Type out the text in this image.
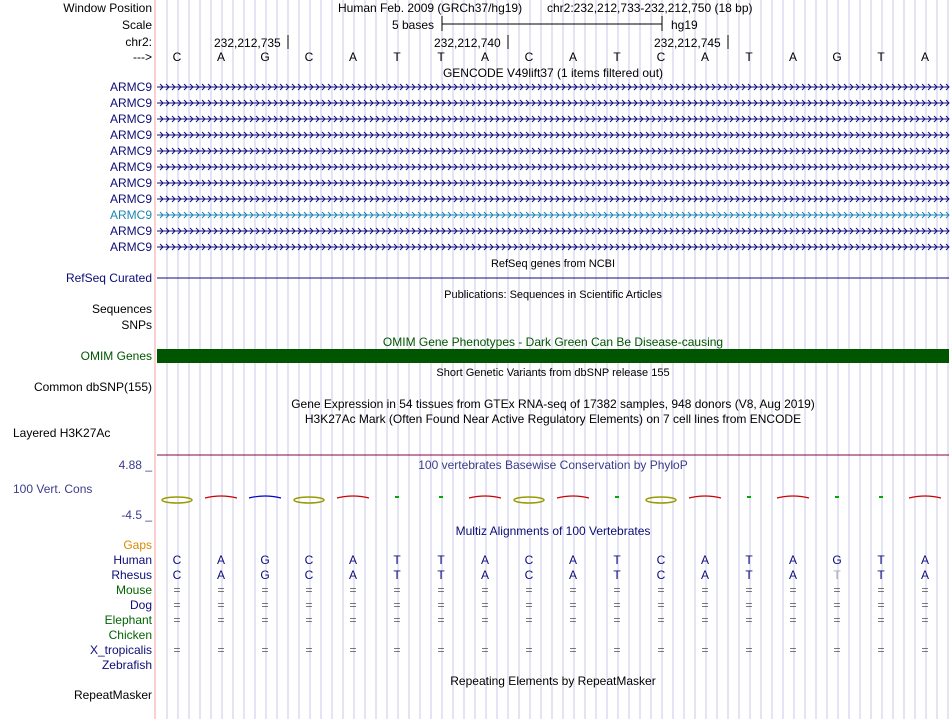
Window Position
Scale
chr2:
--->
Human Feb. 2009 (GRCh37/hg19) chr2:232,212,733-232,212,750 (18 bp)
5 bases	hg19
232,212,735	232,212,740	232,212,745
C	A	G	C	A	T	T	A	C	A	T	C	A	T	A	G	T	A
GENCODE V49lift37 (1 items filtered out)
ARMC9
ARMC9
ARMC9
ARMC9
ARMC9
ARMC9
ARMC9
ARMC9
ARMC9
ARMC9
ARMC9
RefSeq genes from NCBI
RefSeq Curated
Publications: Sequences in Scientific Articles
Sequences
SNPs
OMIM Gene Phenotypes - Dark Green Can Be Disease-causing
OMIM Genes
Short Genetic Variants from dbSNP release 155
Common dbSNP(155)
Gene Expression in 54 tissues from GTEx RNA-seq of 17382 samples, 948 donors (V8, Aug 2019)
H3K27Ac Mark (Often Found Near Active Regulatory Elements) on 7 cell lines from ENCODE
Layered H3K27Ac
100 vertebrates Basewise Conservation by PhyloP
4.88 _
100 Vert. Cons
-4.5 _
Multiz Alignments of 100 Vertebrates
Gaps
Human	C	A	G	C	A	T	T	A	C	A	T	C	A	T	A	G	T	A
Rhesus	C	A	G	C	A	T	T	A	C	A	T	C	A	T	A	T	T	A
Mouse	=	=	=	=	=	=	=	=	=	=	=	=	=	=	=	=	=	=
Dog	=	=	=	=	=	=	=	=	=	=	=	=	=	=	=	=	=	=
Elephant	=	=	=	=	=	=	=	=	=	=	=	=	=	=	=	=	=	=
Chicken
X_tropicalis	=	=	=	=	=	=	=	=	=	=	=	=	=	=	=	=	=	=
Zebrafish
Repeating Elements by RepeatMasker
RepeatMasker
